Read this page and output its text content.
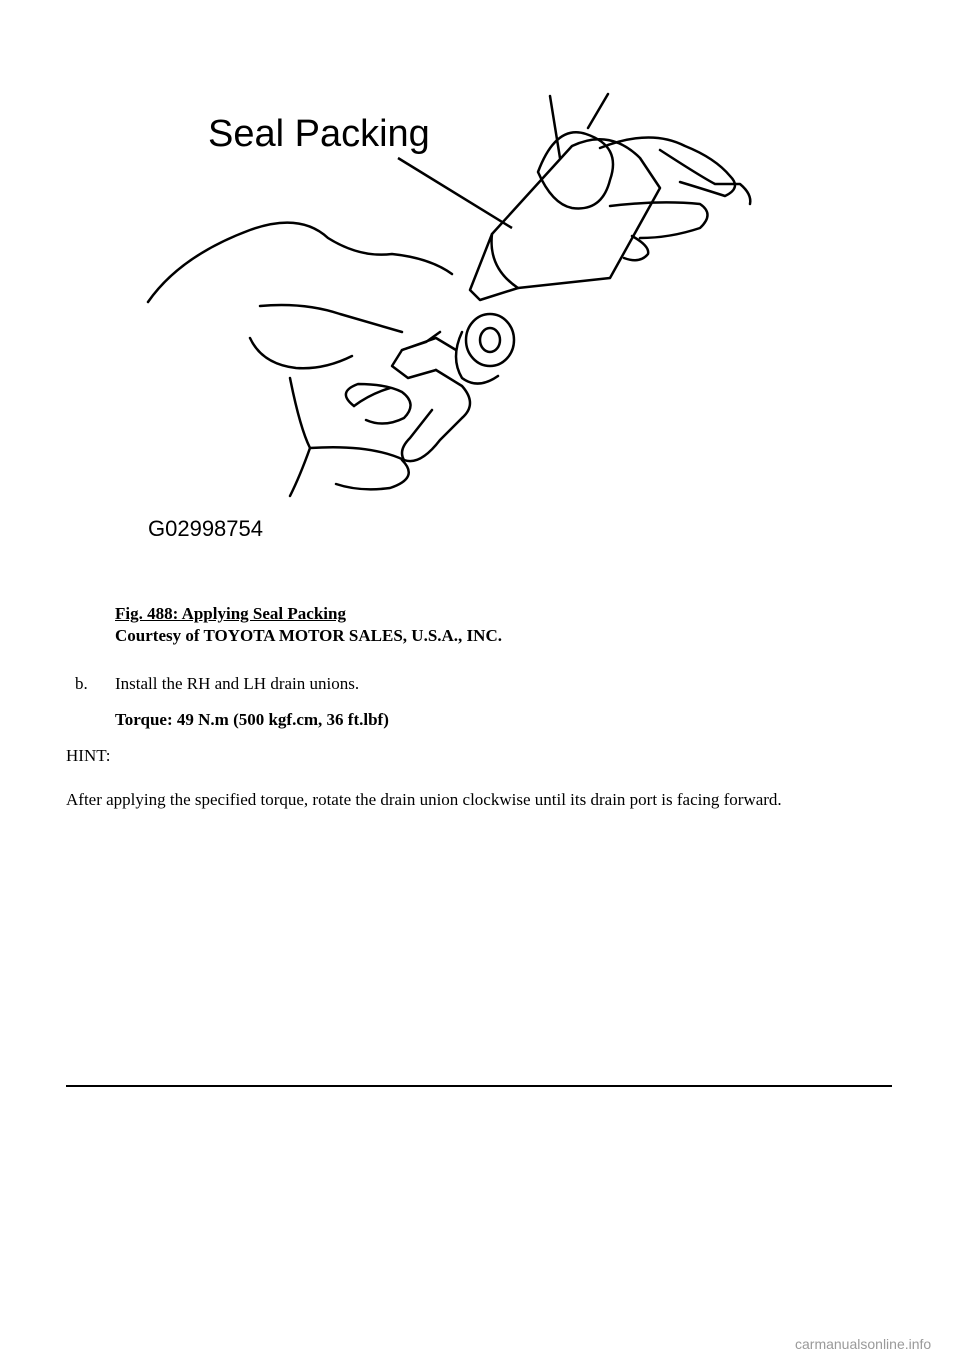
Seal Packing
G02998754
Fig. 488: Applying Seal Packing
Courtesy of TOYOTA MOTOR SALES, U.S.A., INC.
b. Install the RH and LH drain unions.
Torque: 49 N.m (500 kgf.cm, 36 ft.lbf)
HINT:
After applying the specified torque, rotate the drain union clockwise until its drain port is facing forward.
carmanualsonline.info
